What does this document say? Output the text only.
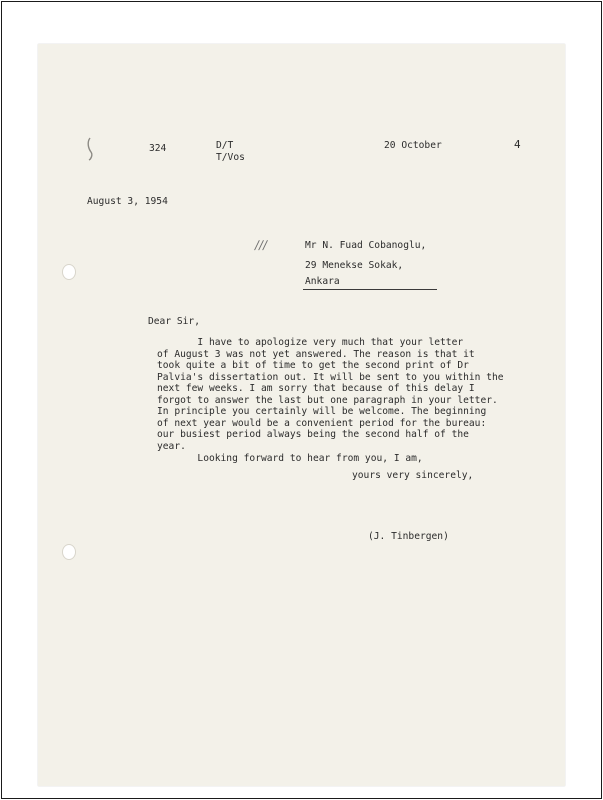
324	D/T
T/Vos
20 October	4
August 3, 1954
///	Mr N. Fuad Cobanoglu,
29 Menekse Sokak,
Ankara
Dear Sir,
I have to apologize very much that your letter
of August 3 was not yet answered. The reason is that it
took quite a bit of time to get the second print of Dr
Palvia's dissertation out. It will be sent to you within the
next few weeks. I am sorry that because of this delay I
forgot to answer the last but one paragraph in your letter.
In principle you certainly will be welcome. The beginning
of next year would be a convenient period for the bureau:
our busiest period always being the second half of the
year.
Looking forward to hear from you, I am,
yours very sincerely,
(J. Tinbergen)
